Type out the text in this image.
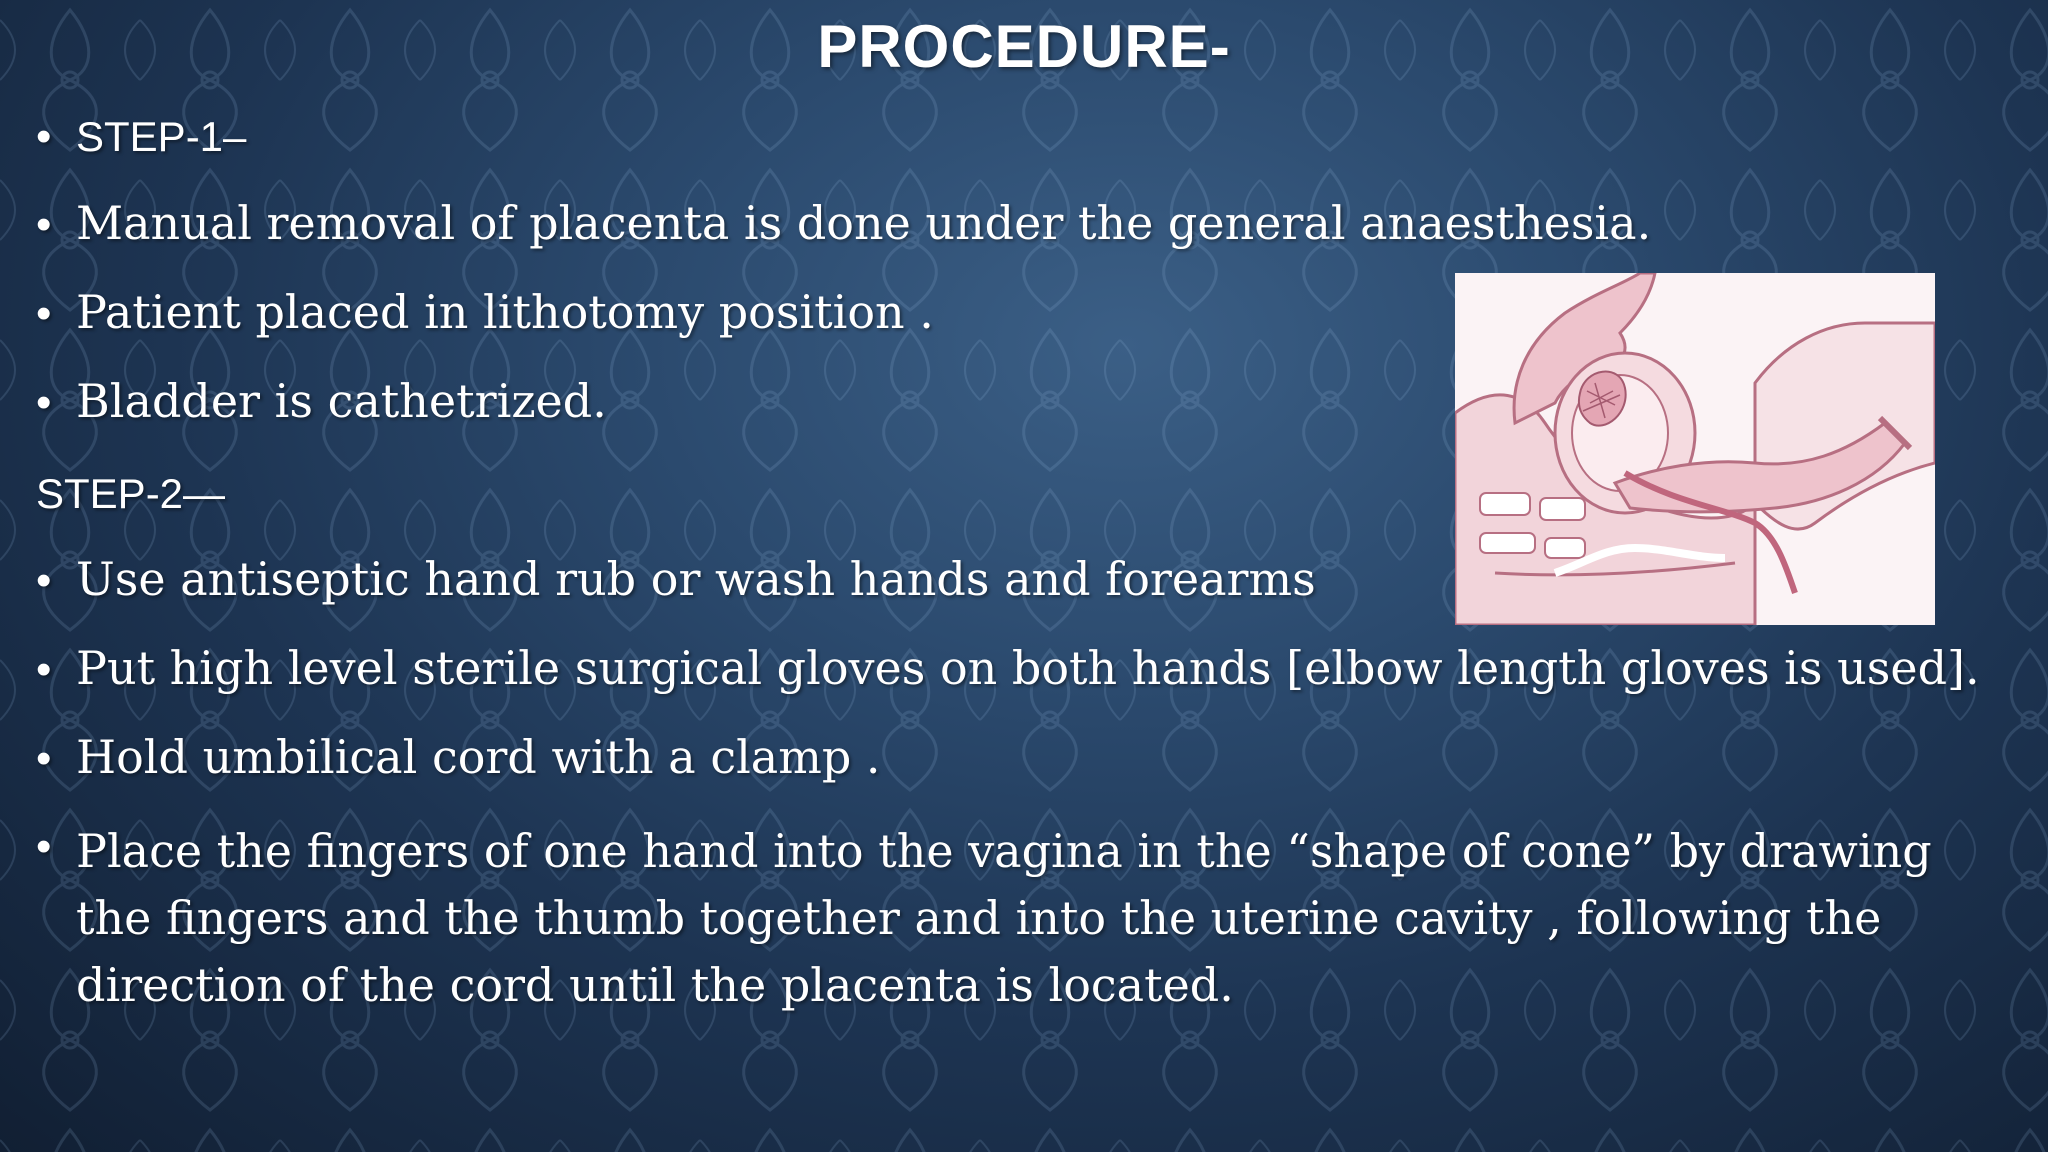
PROCEDURE-
• STEP-1–
• Manual removal of placenta is done under the general anaesthesia.
• Patient placed in lithotomy position .
• Bladder is cathetrized.
STEP-2—
• Use antiseptic hand rub or wash hands and forearms
• Put high level sterile surgical gloves on both hands [elbow length gloves is used].
• Hold umbilical cord with a clamp .
• Place the fingers of one hand into the vagina in the “shape of cone” by drawing the fingers and the thumb together and into the uterine cavity , following the direction of the cord until the placenta is located.
